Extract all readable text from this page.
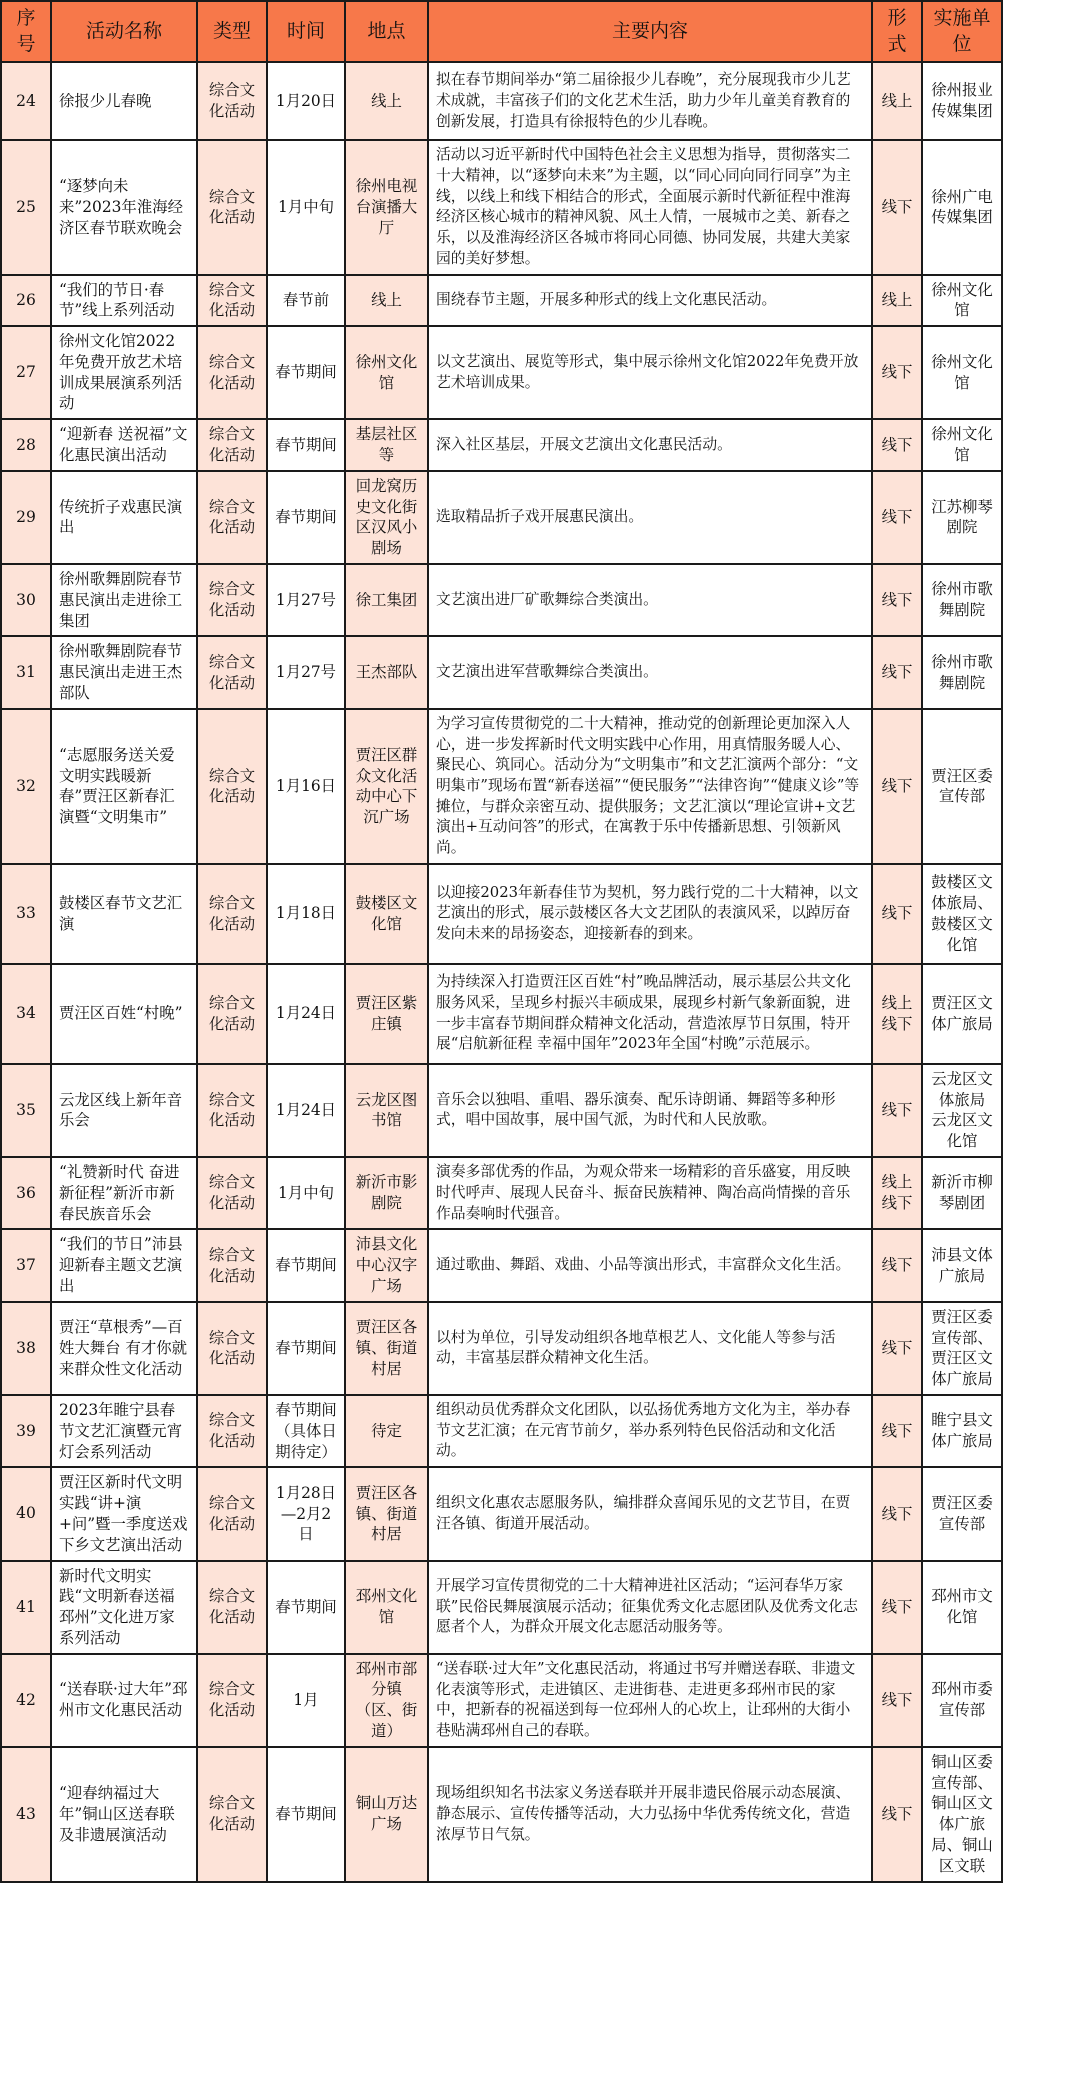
序号	活动名称	类型	时间	地点	主要内容	形式	实施单位
24	徐报少儿春晚	综合文化活动	1月20日	线上	拟在春节期间举办“第二届徐报少儿春晚”，充分展现我市少儿艺术成就，丰富孩子们的文化艺术生活，助力少年儿童美育教育的创新发展，打造具有徐报特色的少儿春晚。	线上	徐州报业传媒集团
25	“逐梦向未来”2023年淮海经济区春节联欢晚会	综合文化活动	1月中旬	徐州电视台演播大厅	活动以习近平新时代中国特色社会主义思想为指导，贯彻落实二十大精神，以“逐梦向未来”为主题，以“同心同向同行同享”为主线，以线上和线下相结合的形式，全面展示新时代新征程中淮海经济区核心城市的精神风貌、风土人情，一展城市之美、新春之乐，以及淮海经济区各城市将同心同德、协同发展，共建大美家园的美好梦想。	线下	徐州广电传媒集团
26	“我们的节日·春节”线上系列活动	综合文化活动	春节前	线上	围绕春节主题，开展多种形式的线上文化惠民活动。	线上	徐州文化馆
27	徐州文化馆2022年免费开放艺术培训成果展演系列活动	综合文化活动	春节期间	徐州文化馆	以文艺演出、展览等形式，集中展示徐州文化馆2022年免费开放艺术培训成果。	线下	徐州文化馆
28	“迎新春 送祝福”文化惠民演出活动	综合文化活动	春节期间	基层社区等	深入社区基层，开展文艺演出文化惠民活动。	线下	徐州文化馆
29	传统折子戏惠民演出	综合文化活动	春节期间	回龙窝历史文化街区汉风小剧场	选取精品折子戏开展惠民演出。	线下	江苏柳琴剧院
30	徐州歌舞剧院春节惠民演出走进徐工集团	综合文化活动	1月27号	徐工集团	文艺演出进厂矿歌舞综合类演出。	线下	徐州市歌舞剧院
31	徐州歌舞剧院春节惠民演出走进王杰部队	综合文化活动	1月27号	王杰部队	文艺演出进军营歌舞综合类演出。	线下	徐州市歌舞剧院
32	“志愿服务送关爱 文明实践暖新春”贾汪区新春汇演暨“文明集市”	综合文化活动	1月16日	贾汪区群众文化活动中心下沉广场	为学习宣传贯彻党的二十大精神，推动党的创新理论更加深入人心，进一步发挥新时代文明实践中心作用，用真情服务暖人心、聚民心、筑同心。活动分为“文明集市”和文艺汇演两个部分：“文明集市”现场布置“新春送福”“便民服务”“法律咨询”“健康义诊”等摊位，与群众亲密互动、提供服务；文艺汇演以“理论宣讲+文艺演出+互动问答”的形式，在寓教于乐中传播新思想、引领新风尚。	线下	贾汪区委宣传部
33	鼓楼区春节文艺汇演	综合文化活动	1月18日	鼓楼区文化馆	以迎接2023年新春佳节为契机，努力践行党的二十大精神，以文艺演出的形式，展示鼓楼区各大文艺团队的表演风采，以踔厉奋发向未来的昂扬姿态，迎接新春的到来。	线下	鼓楼区文体旅局、鼓楼区文化馆
34	贾汪区百姓“村晚”	综合文化活动	1月24日	贾汪区紫庄镇	为持续深入打造贾汪区百姓“村”晚品牌活动，展示基层公共文化服务风采，呈现乡村振兴丰硕成果，展现乡村新气象新面貌，进一步丰富春节期间群众精神文化活动，营造浓厚节日氛围，特开展“启航新征程 幸福中国年”2023年全国“村晚”示范展示。	线上线下	贾汪区文体广旅局
35	云龙区线上新年音乐会	综合文化活动	1月24日	云龙区图书馆	音乐会以独唱、重唱、器乐演奏、配乐诗朗诵、舞蹈等多种形式，唱中国故事，展中国气派，为时代和人民放歌。	线下	云龙区文体旅局 云龙区文化馆
36	“礼赞新时代 奋进新征程”新沂市新春民族音乐会	综合文化活动	1月中旬	新沂市影剧院	演奏多部优秀的作品，为观众带来一场精彩的音乐盛宴，用反映时代呼声、展现人民奋斗、振奋民族精神、陶冶高尚情操的音乐作品奏响时代强音。	线上线下	新沂市柳琴剧团
37	“我们的节日”沛县迎新春主题文艺演出	综合文化活动	春节期间	沛县文化中心汉字广场	通过歌曲、舞蹈、戏曲、小品等演出形式，丰富群众文化生活。	线下	沛县文体广旅局
38	贾汪“草根秀”—百姓大舞台 有才你就来群众性文化活动	综合文化活动	春节期间	贾汪区各镇、街道村居	以村为单位，引导发动组织各地草根艺人、文化能人等参与活动，丰富基层群众精神文化生活。	线下	贾汪区委宣传部、贾汪区文体广旅局
39	2023年睢宁县春节文艺汇演暨元宵灯会系列活动	综合文化活动	春节期间（具体日期待定）	待定	组织动员优秀群众文化团队，以弘扬优秀地方文化为主，举办春节文艺汇演；在元宵节前夕，举办系列特色民俗活动和文化活动。	线下	睢宁县文体广旅局
40	贾汪区新时代文明实践“讲+演+问”暨一季度送戏下乡文艺演出活动	综合文化活动	1月28日—2月2日	贾汪区各镇、街道村居	组织文化惠农志愿服务队，编排群众喜闻乐见的文艺节目，在贾汪各镇、街道开展活动。	线下	贾汪区委宣传部
41	新时代文明实践“文明新春送福邳州”文化进万家系列活动	综合文化活动	春节期间	邳州文化馆	开展学习宣传贯彻党的二十大精神进社区活动；“运河春华万家联”民俗民舞展演展示活动；征集优秀文化志愿团队及优秀文化志愿者个人，为群众开展文化志愿活动服务等。	线下	邳州市文化馆
42	“送春联·过大年”邳州市文化惠民活动	综合文化活动	1月	邳州市部分镇（区、街道）	“送春联·过大年”文化惠民活动，将通过书写并赠送春联、非遗文化表演等形式，走进镇区、走进街巷、走进更多邳州市民的家中，把新春的祝福送到每一位邳州人的心坎上，让邳州的大街小巷贴满邳州自己的春联。	线下	邳州市委宣传部
43	“迎春纳福过大年”铜山区送春联及非遗展演活动	综合文化活动	春节期间	铜山万达广场	现场组织知名书法家义务送春联并开展非遗民俗展示动态展演、静态展示、宣传传播等活动，大力弘扬中华优秀传统文化，营造浓厚节日气氛。	线下	铜山区委宣传部、铜山区文体广旅局、铜山区文联
